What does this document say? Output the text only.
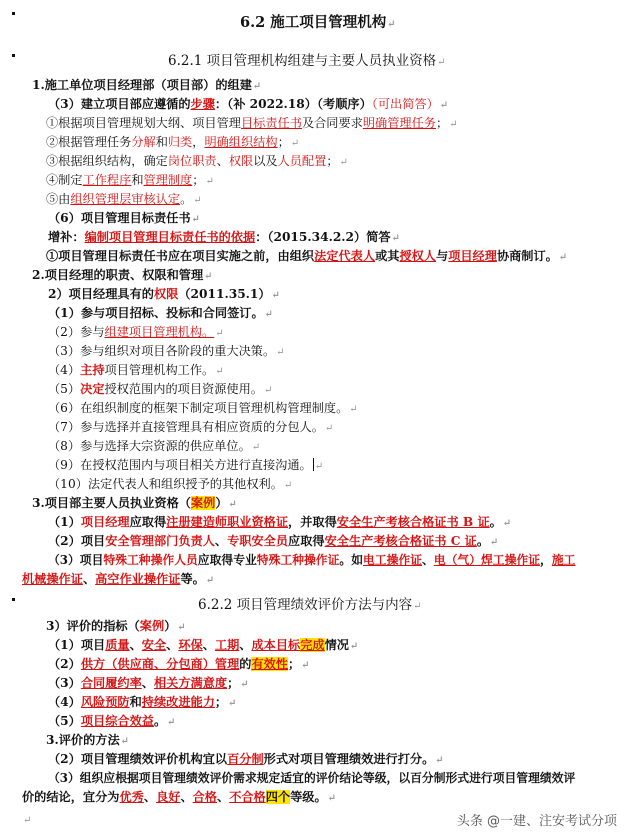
6.2 施工项目管理机构↵
6.2.1 项目管理机构组建与主要人员执业资格↵
1.施工单位项目经理部（项目部）的组建↵
（3）建立项目部应遵循的步骤：（补 2022.18）（考顺序）（可出简答）↵
①根据项目管理规划大纲、项目管理目标责任书及合同要求明确管理任务；↵
②根据管理任务分解和归类，明确组织结构；↵
③根据组织结构，确定岗位职责、权限以及人员配置；↵
④制定工作程序和管理制度；↵
⑤由组织管理层审核认定。↵
（6）项目管理目标责任书↵
增补：编制项目管理目标责任书的依据：（2015.34.2.2）简答↵
①项目管理目标责任书应在项目实施之前，由组织法定代表人或其授权人与项目经理协商制订。↵
2.项目经理的职责、权限和管理↵
2）项目经理具有的权限（2011.35.1）↵
（1）参与项目招标、投标和合同签订。↵
（2）参与组建项目管理机构。↵
（3）参与组织对项目各阶段的重大决策。↵
（4）主持项目管理机构工作。↵
（5）决定授权范围内的项目资源使用。↵
（6）在组织制度的框架下制定项目管理机构管理制度。↵
（7）参与选择并直接管理具有相应资质的分包人。↵
（8）参与选择大宗资源的供应单位。↵
（9）在授权范围内与项目相关方进行直接沟通。 ↵
（10）法定代表人和组织授予的其他权利。↵
3.项目部主要人员执业资格（案例）↵
（1）项目经理应取得注册建造师职业资格证，并取得安全生产考核合格证书 B 证。↵
（2）项目安全管理部门负责人、专职安全员应取得安全生产考核合格证书 C 证。↵
（3）项目特殊工种操作人员应取得专业特殊工种操作证。如电工操作证、电（气）焊工操作证，施工
机械操作证、高空作业操作证等。↵
6.2.2 项目管理绩效评价方法与内容↵
3）评价的指标（案例）↵
（1）项目质量、安全、环保、工期、成本目标完成情况↵
（2）供方（供应商、分包商）管理的有效性；↵
（3）合同履约率、相关方满意度；↵
（4）风险预防和持续改进能力；↵
（5）项目综合效益。↵
3.评价的方法↵
（2）项目管理绩效评价机构宜以百分制形式对项目管理绩效进行打分。↵
（3）组织应根据项目管理绩效评价需求规定适宜的评价结论等级，以百分制形式进行项目管理绩效评
价的结论，宜分为优秀、良好、合格、不合格四个等级。↵
↵	头条 @一建、注安考试分项
